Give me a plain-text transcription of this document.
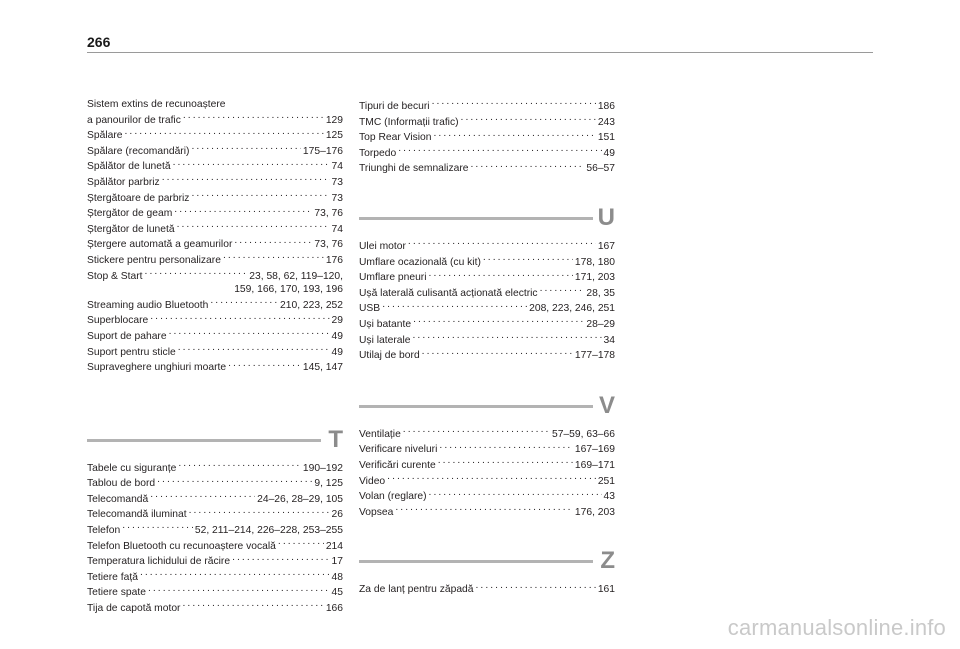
266
Sistem extins de recunoaștere
a panourilor de trafic . . .	129
Spălare . . .	125
Spălare (recomandări) . . .	175–176
Spălător de lunetă . . .	74
Spălător parbriz . . .	73
Ștergătoare de parbriz . . .	73
Ștergător de geam . . .	73, 76
Ștergător de lunetă . . .	74
Ștergere automată a geamurilor . . .	73, 76
Stickere pentru personalizare . . .	176
Stop & Start . . .	23, 58, 62, 119–120,
159, 166, 170, 193, 196
Streaming audio Bluetooth . . .	210, 223, 252
Superblocare . . .	29
Suport de pahare . . .	49
Suport pentru sticle . . .	49
Supraveghere unghiuri moarte . . .	145, 147
T
Tabele cu siguranțe . . .	190–192
Tablou de bord . . .	9, 125
Telecomandă . . .	24–26, 28–29, 105
Telecomandă iluminat . . .	26
Telefon . . .	52, 211–214, 226–228, 253–255
Telefon Bluetooth cu recunoaștere vocală . . .	214
Temperatura lichidului de răcire . . .	17
Tetiere față . . .	48
Tetiere spate . . .	45
Tija de capotă motor . . .	166
Tipuri de becuri . . .	186
TMC (Informații trafic) . . .	243
Top Rear Vision . . .	151
Torpedo . . .	49
Triunghi de semnalizare . . .	56–57
U
Ulei motor . . .	167
Umflare ocazională (cu kit) . . .	178, 180
Umflare pneuri . . .	171, 203
Ușă laterală culisantă acționată electric . . .	28, 35
USB . . .	208, 223, 246, 251
Uși batante . . .	28–29
Uși laterale . . .	34
Utilaj de bord . . .	177–178
V
Ventilație . . .	57–59, 63–66
Verificare niveluri . . .	167–169
Verificări curente . . .	169–171
Video . . .	251
Volan (reglare) . . .	43
Vopsea . . .	176, 203
Z
Za de lanț pentru zăpadă . . .	161
carmanualsonline.info
